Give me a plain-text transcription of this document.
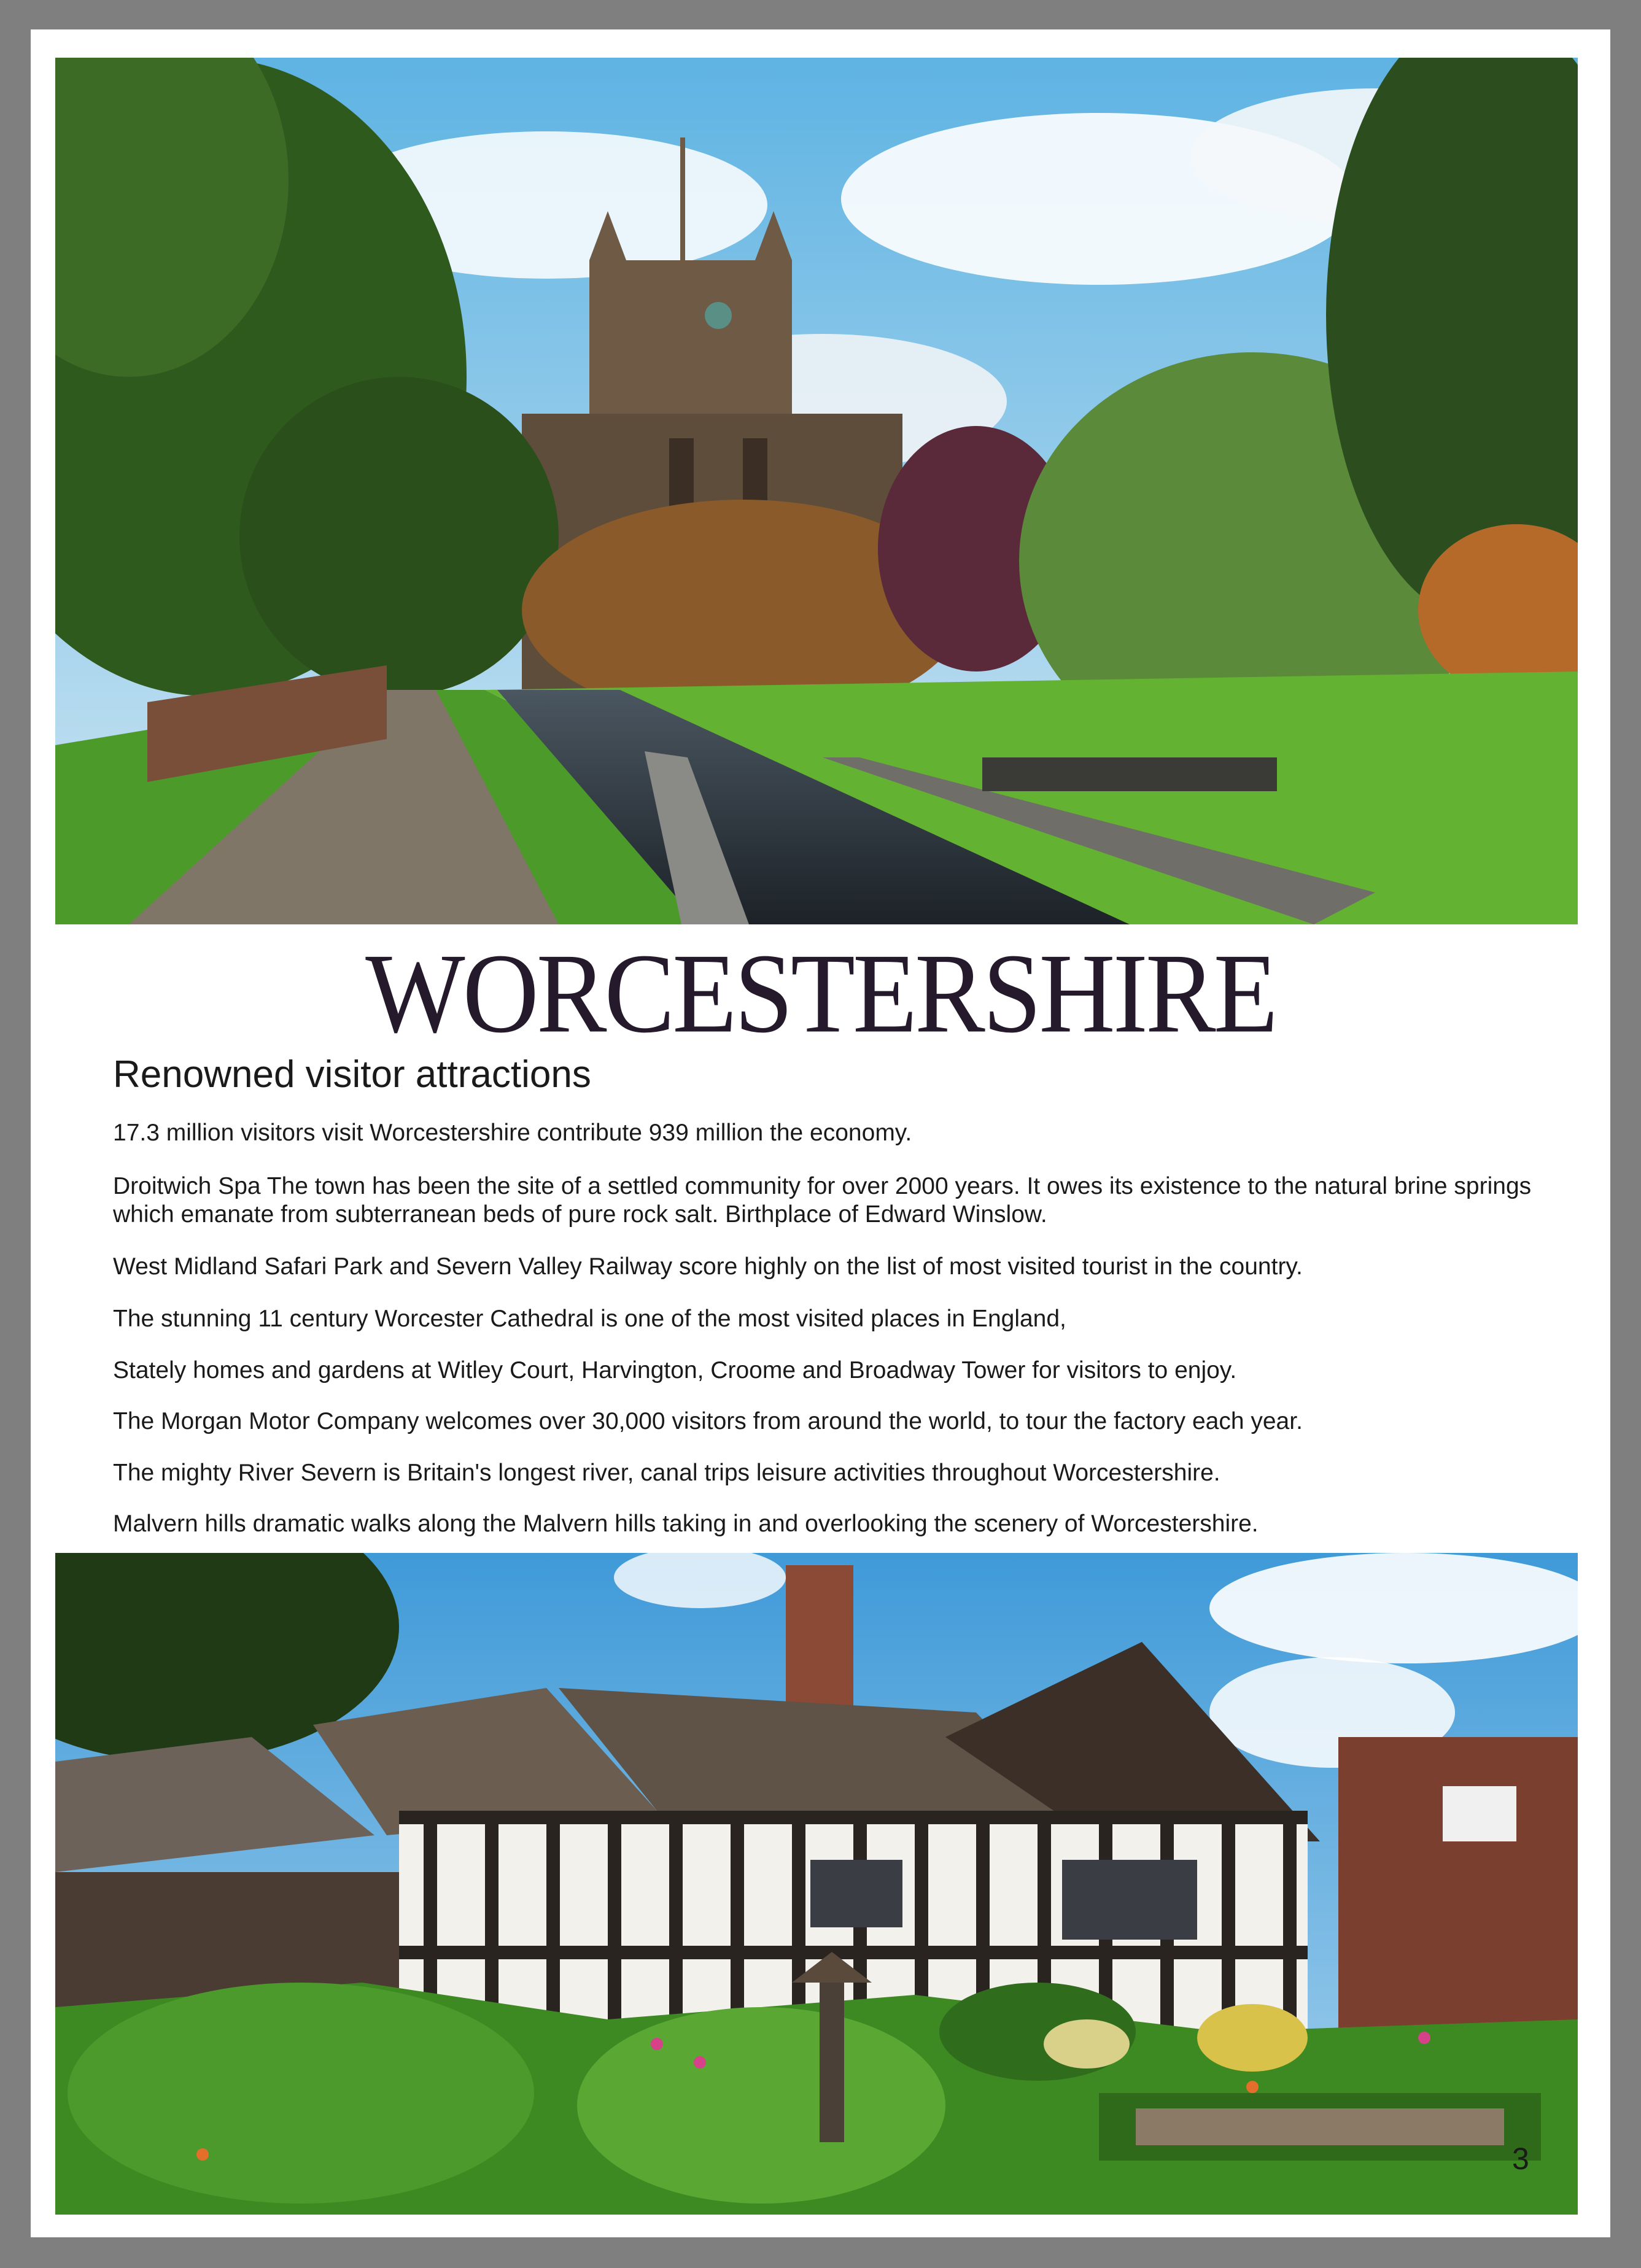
WORCESTERSHIRE
Renowned visitor attractions

17.3 million visitors visit Worcestershire contribute 939 million the economy.

Droitwich Spa The town has been the site of a settled community for over 2000 years. It owes its existence to the natural brine springs which emanate from subterranean beds of pure rock salt. Birthplace of Edward Winslow.

West Midland Safari Park and Severn Valley Railway score highly on the list of most visited tourist in the country.

The stunning 11 century Worcester Cathedral is one of the most visited places in England,

Stately homes and gardens at Witley Court, Harvington, Croome and Broadway Tower for visitors to enjoy.

The Morgan Motor Company welcomes over 30,000 visitors from around the world, to tour the factory each year.

The mighty River Severn is Britain's longest river, canal trips leisure activities throughout Worcestershire.

Malvern hills dramatic walks along the Malvern hills taking in and overlooking the scenery of Worcestershire.

3
